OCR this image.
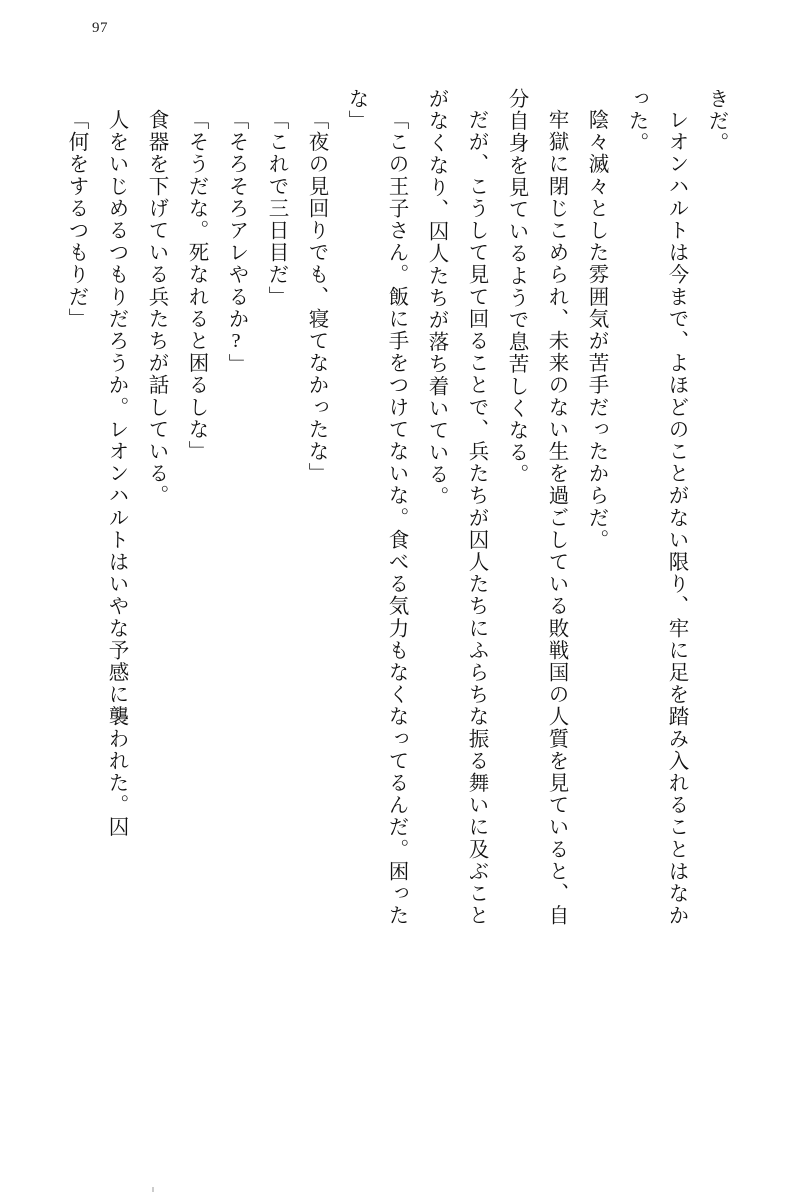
97
きだ。
レオンハルトは今まで、よほどのことがない限り、牢に足を踏み入れることはなか
った。
陰々滅々とした雰囲気が苦手だったからだ。
牢獄に閉じこめられ、未来のない生を過ごしている敗戦国の人質を見ていると、自
分自身を見ているようで息苦しくなる。
だが、こうして見て回ることで、兵たちが囚人たちにふらちな振る舞いに及ぶこと
がなくなり、囚人たちが落ち着いている。
「この王子さん。飯に手をつけてないな。食べる気力もなくなってるんだ。困った
な」
「夜の見回りでも、寝てなかったな」
「これで三日目だ」
「そろそろアレやるか?」
「そうだな。死なれると困るしな」
食器を下げている兵たちが話している。
人をいじめるつもりだろうか。レオンハルトはいやな予感に襲われた。囚
「何をするつもりだ」
